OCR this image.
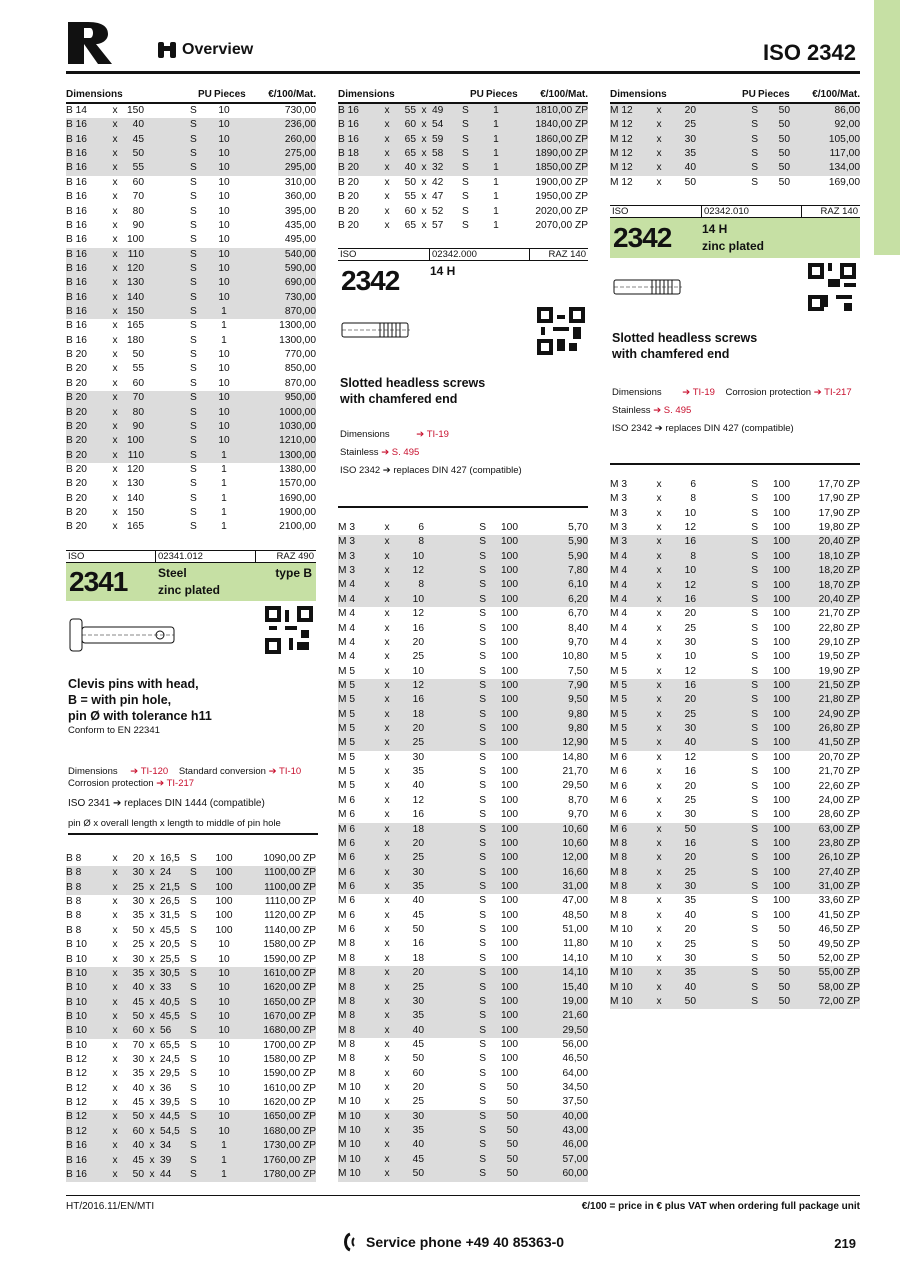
Overview	ISO 2342
Dimensions	PU Pieces	€/100/Mat.
B 14	x 150	S	10	730,00
B 16	x	40	S	10	236,00
B 16	x	45	S	10	260,00
B 16	x	50	S	10	275,00
B 16	x	55	S	10	295,00
B 16	x	60	S	10	310,00
B 16	x	70	S	10	360,00
B 16	x	80	S	10	395,00
B 16	x	90	S	10	435,00
B 16	x 100	S	10	495,00
B 16	x	110	S	10	540,00
B 16	x 120	S	10	590,00
B 16	x 130	S	10	690,00
B 16	x 140	S	10	730,00
B 16	x 150	S	1	870,00
B 16	x 165	S	1	1300,00
B 16	x 180	S	1	1300,00
B 20	x	50	S	10	770,00
B 20	x	55	S	10	850,00
B 20	x	60	S	10	870,00
B 20	x	70	S	10	950,00
B 20	x	80	S	10	1000,00
B 20	x	90	S	10	1030,00
B 20	x 100	S	10	1210,00
B 20	x	110	S	1	1300,00
B 20	x 120	S	1	1380,00
B 20	x 130	S	1	1570,00
B 20	x 140	S	1	1690,00
B 20	x 150	S	1	1900,00
B 20	x 165	S	1	2100,00
ISO	02341.012	RAZ 490
2341	Steel	type B
zinc plated
Clevis pins with head,
B = with pin hole,
pin Ø with tolerance h11
Conform to EN 22341
Dimensions ➔ TI-120 Standard conversion ➔ TI-10
Corrosion protection ➔ TI-217
ISO 2341 ➔ replaces DIN 1444 (compatible)
pin Ø x overall length x length to middle of pin hole
B 8	x	20 x 16,5 S	100	1090,00 ZP
B 8	x	30 x 24	S	100	1100,00 ZP
B 8	x	25 x 21,5 S	100	1100,00 ZP
B 8	x	30 x 26,5 S	100	1110,00 ZP
B 8	x	35 x 31,5 S	100	1120,00 ZP
B 8	x	50 x 45,5 S	100	1140,00 ZP
B 10	x	25 x 20,5 S	10	1580,00 ZP
B 10	x	30 x 25,5 S	10	1590,00 ZP
B 10	x	35 x 30,5 S	10	1610,00 ZP
B 10	x	40 x 33	S	10	1620,00 ZP
B 10	x	45 x 40,5 S	10	1650,00 ZP
B 10	x	50 x 45,5 S	10	1670,00 ZP
B 10	x	60 x 56	S	10	1680,00 ZP
B 10	x	70 x 65,5 S	10	1700,00 ZP
B 12	x	30 x 24,5 S	10	1580,00 ZP
B 12	x	35 x 29,5 S	10	1590,00 ZP
B 12	x	40 x 36	S	10	1610,00 ZP
B 12	x	45 x 39,5 S	10	1620,00 ZP
B 12	x	50 x 44,5 S	10	1650,00 ZP
B 12	x	60 x 54,5 S	10	1680,00 ZP
B 16	x	40 x 34	S	1	1730,00 ZP
B 16	x	45 x 39	S	1	1760,00 ZP
B 16	x	50 x 44	S	1	1780,00 ZP
Dimensions	PU Pieces	€/100/Mat.
B 16	x	55 x 49	S	1	1810,00 ZP
B 16	x	60 x 54	S	1	1840,00 ZP
B 16	x	65 x 59	S	1	1860,00 ZP
B 18	x	65 x 58	S	1	1890,00 ZP
B 20	x	40 x 32	S	1	1850,00 ZP
B 20	x	50 x 42	S	1	1900,00 ZP
B 20	x	55 x 47	S	1	1950,00 ZP
B 20	x	60 x 52	S	1	2020,00 ZP
B 20	x	65 x 57	S	1	2070,00 ZP
ISO	02342.000	RAZ 140
2342	14 H
Slotted headless screws
with chamfered end
Dimensions	➔ TI-19
Stainless ➔ S. 495
ISO 2342 ➔ replaces DIN 427 (compatible)
M 3	x	6	S	100	5,70
M 3	x	8	S	100	5,90
M 3	x	10	S	100	5,90
M 3	x	12	S	100	7,80
M 4	x	8	S	100	6,10
M 4	x	10	S	100	6,20
M 4	x	12	S	100	6,70
M 4	x	16	S	100	8,40
M 4	x	20	S	100	9,70
M 4	x	25	S	100	10,80
M 5	x	10	S	100	7,50
M 5	x	12	S	100	7,90
M 5	x	16	S	100	9,50
M 5	x	18	S	100	9,80
M 5	x	20	S	100	9,80
M 5	x	25	S	100	12,90
M 5	x	30	S	100	14,80
M 5	x	35	S	100	21,70
M 5	x	40	S	100	29,50
M 6	x	12	S	100	8,70
M 6	x	16	S	100	9,70
M 6	x	18	S	100	10,60
M 6	x	20	S	100	10,60
M 6	x	25	S	100	12,00
M 6	x	30	S	100	16,60
M 6	x	35	S	100	31,00
M 6	x	40	S	100	47,00
M 6	x	45	S	100	48,50
M 6	x	50	S	100	51,00
M 8	x	16	S	100	11,80
M 8	x	18	S	100	14,10
M 8	x	20	S	100	14,10
M 8	x	25	S	100	15,40
M 8	x	30	S	100	19,00
M 8	x	35	S	100	21,60
M 8	x	40	S	100	29,50
M 8	x	45	S	100	56,00
M 8	x	50	S	100	46,50
M 8	x	60	S	100	64,00
M 10	x	20	S	50	34,50
M 10	x	25	S	50	37,50
M 10	x	30	S	50	40,00
M 10	x	35	S	50	43,00
M 10	x	40	S	50	46,00
M 10	x	45	S	50	57,00
M 10	x	50	S	50	60,00
Dimensions	PU Pieces	€/100/Mat.
M 12	x	20	S	50	86,00
M 12	x	25	S	50	92,00
M 12	x	30	S	50	105,00
M 12	x	35	S	50	117,00
M 12	x	40	S	50	134,00
M 12	x	50	S	50	169,00
ISO	02342.010	RAZ 140
2342	14 H
zinc plated
Slotted headless screws
with chamfered end
Dimensions ➔ TI-19 Corrosion protection ➔ TI-217
Stainless ➔ S. 495
ISO 2342 ➔ replaces DIN 427 (compatible)
M 3	x	6	S	100	17,70 ZP
M 3	x	8	S	100	17,90 ZP
M 3	x	10	S	100	17,90 ZP
M 3	x	12	S	100	19,80 ZP
M 3	x	16	S	100	20,40 ZP
M 4	x	8	S	100	18,10 ZP
M 4	x	10	S	100	18,20 ZP
M 4	x	12	S	100	18,70 ZP
M 4	x	16	S	100	20,40 ZP
M 4	x	20	S	100	21,70 ZP
M 4	x	25	S	100	22,80 ZP
M 4	x	30	S	100	29,10 ZP
M 5	x	10	S	100	19,50 ZP
M 5	x	12	S	100	19,90 ZP
M 5	x	16	S	100	21,50 ZP
M 5	x	20	S	100	21,80 ZP
M 5	x	25	S	100	24,90 ZP
M 5	x	30	S	100	26,80 ZP
M 5	x	40	S	100	41,50 ZP
M 6	x	12	S	100	20,70 ZP
M 6	x	16	S	100	21,70 ZP
M 6	x	20	S	100	22,60 ZP
M 6	x	25	S	100	24,00 ZP
M 6	x	30	S	100	28,60 ZP
M 6	x	50	S	100	63,00 ZP
M 8	x	16	S	100	23,80 ZP
M 8	x	20	S	100	26,10 ZP
M 8	x	25	S	100	27,40 ZP
M 8	x	30	S	100	31,00 ZP
M 8	x	35	S	100	33,60 ZP
M 8	x	40	S	100	41,50 ZP
M 10	x	20	S	50	46,50 ZP
M 10	x	25	S	50	49,50 ZP
M 10	x	30	S	50	52,00 ZP
M 10	x	35	S	50	55,00 ZP
M 10	x	40	S	50	58,00 ZP
M 10	x	50	S	50	72,00 ZP
HT/2016.11/EN/MTI	€/100 = price in € plus VAT when ordering full package unit
Service phone +49 40 85363-0	219
